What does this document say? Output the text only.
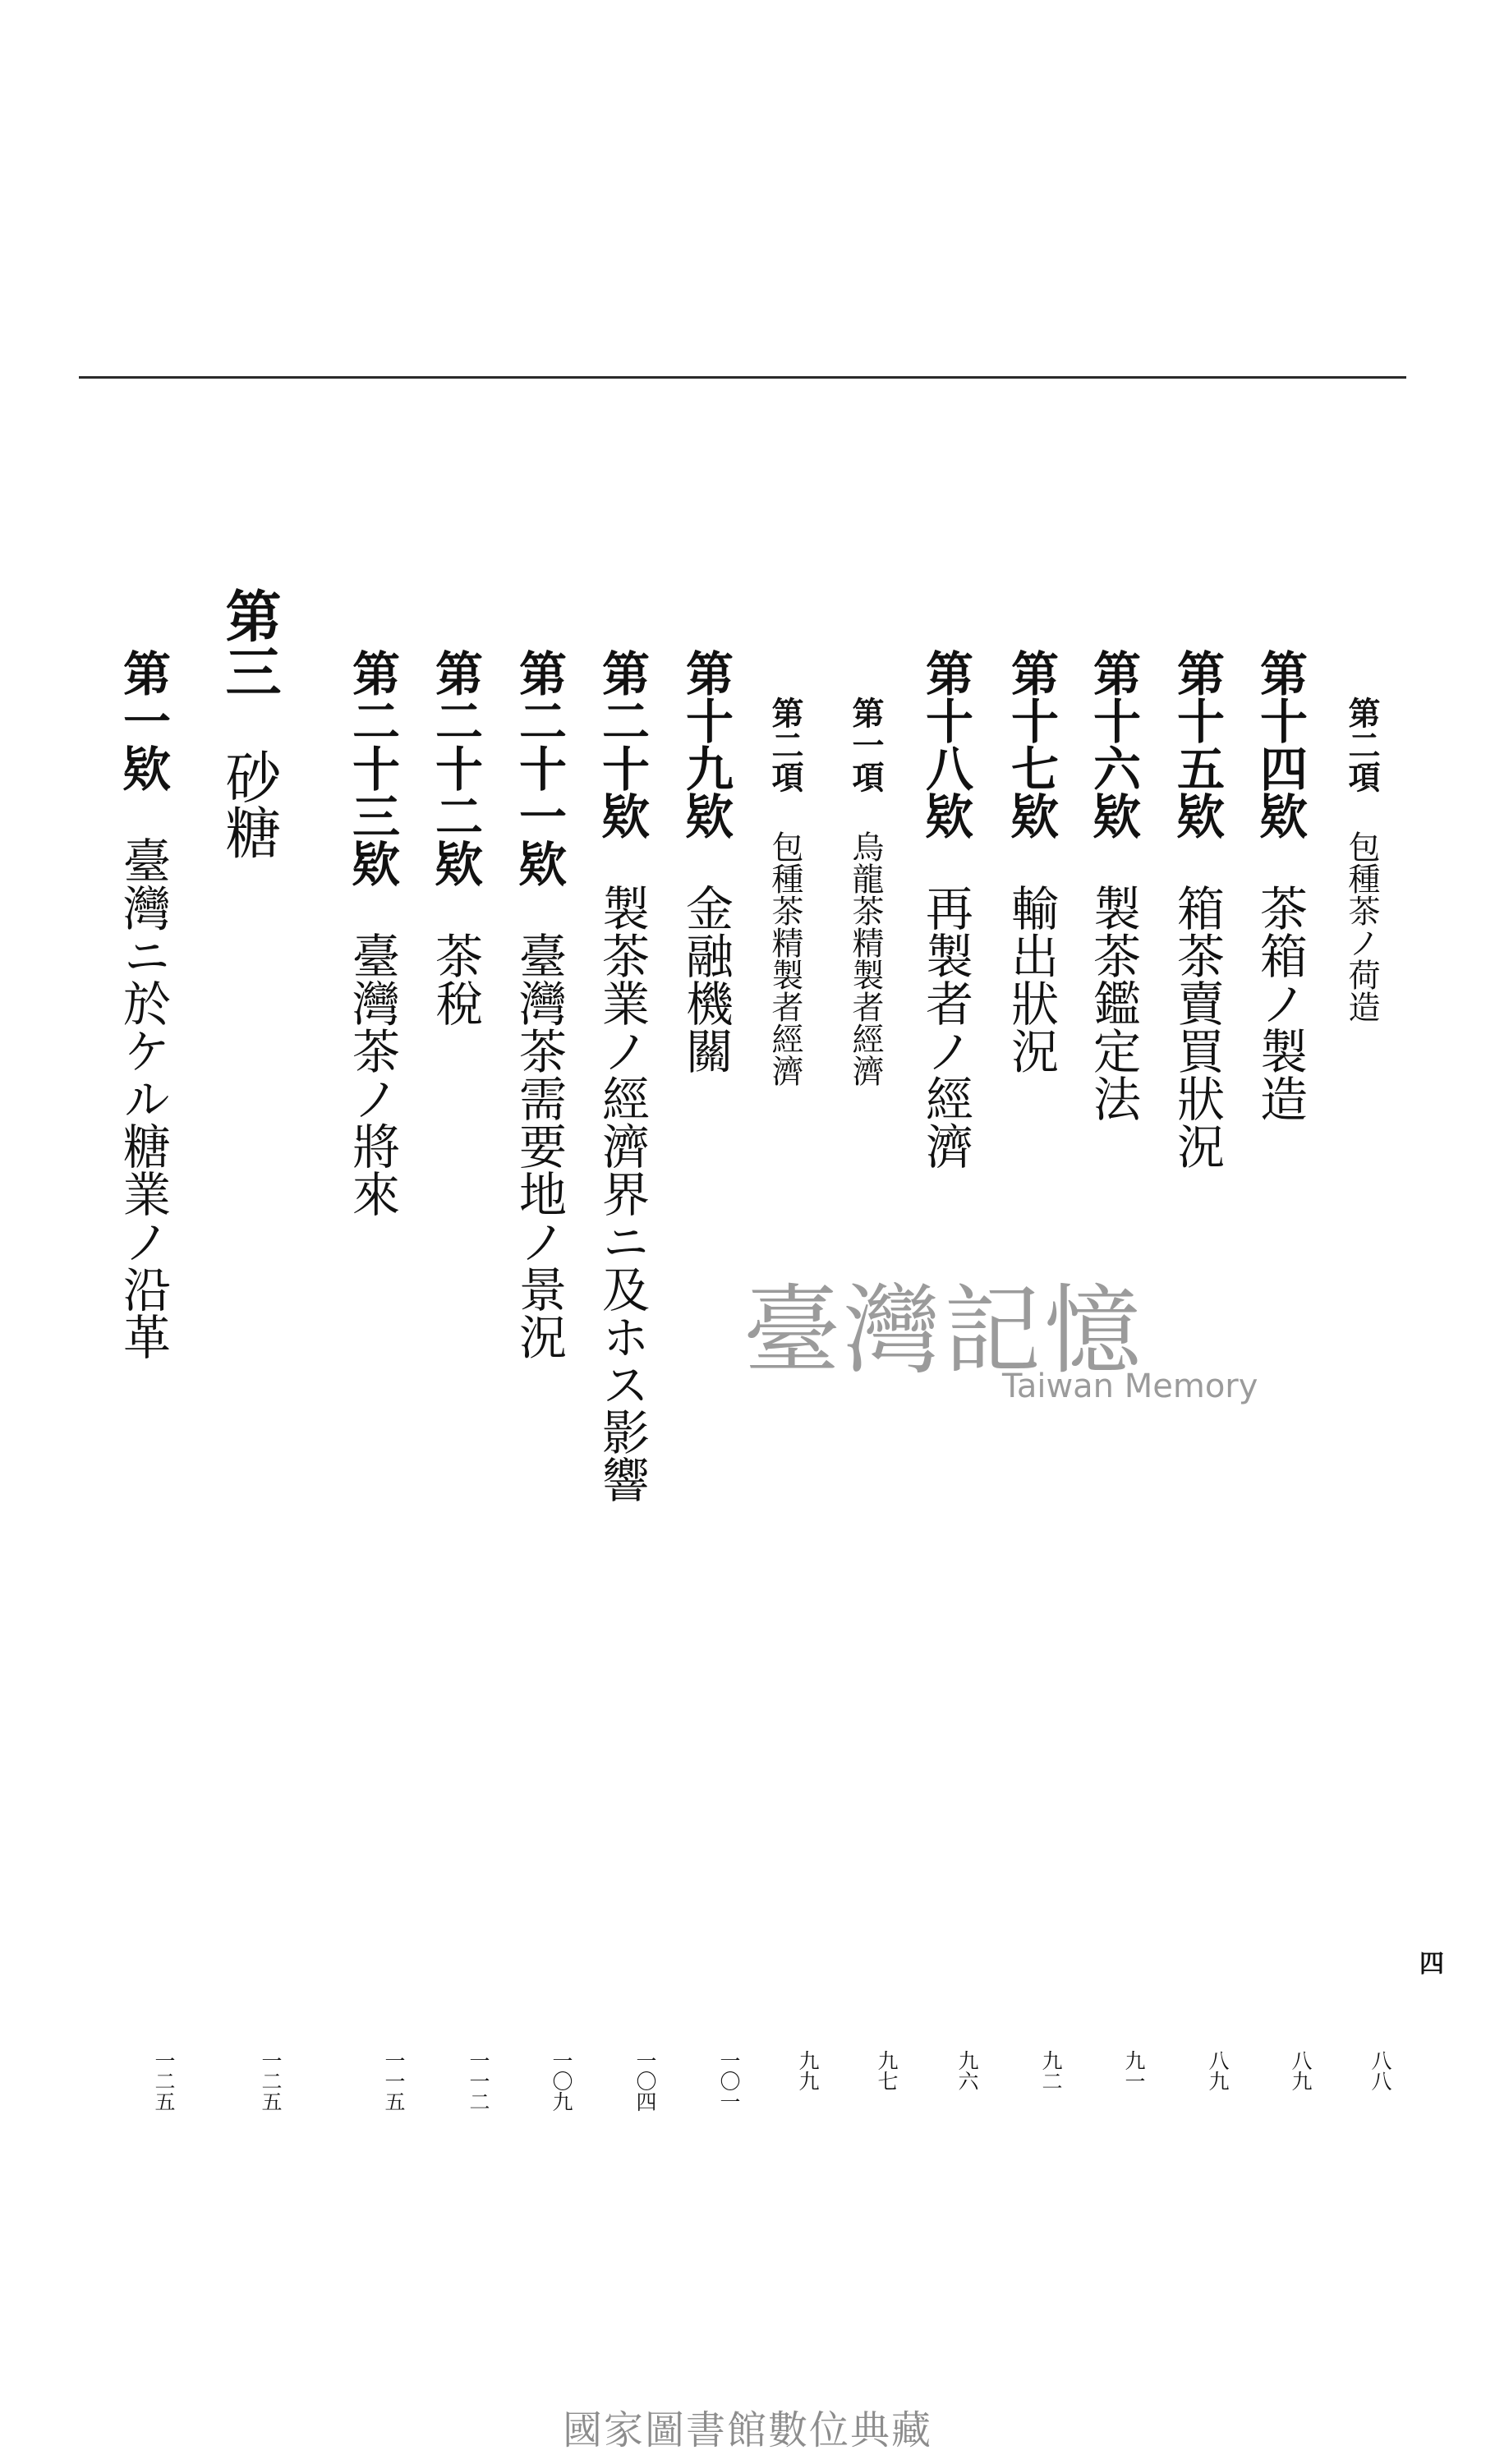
第二項包種茶ノ荷造
第十四欵茶箱ノ製造
第十五欵箱茶賣買狀況
第十六欵製茶鑑定法
第十七欵輸出狀況
第十八欵再製者ノ經濟
第一項烏龍茶精製者經濟
第二項包種茶精製者經濟
第十九欵金融機關
第二十欵製茶業ノ經濟界ニ及ホス影響
第二十一欵臺灣茶需要地ノ景況
第二十二欵茶稅
第二十三欵臺灣茶ノ將來
第三砂糖
第一欵臺灣ニ於ケル糖業ノ沿革
八八
八九
八九
九一
九二
九六
九七
九九
一〇一
一〇四
一〇九
一一二
一一五
一二五
一二五
四
臺灣記憶
Taiwan Memory
國家圖書館數位典藏
